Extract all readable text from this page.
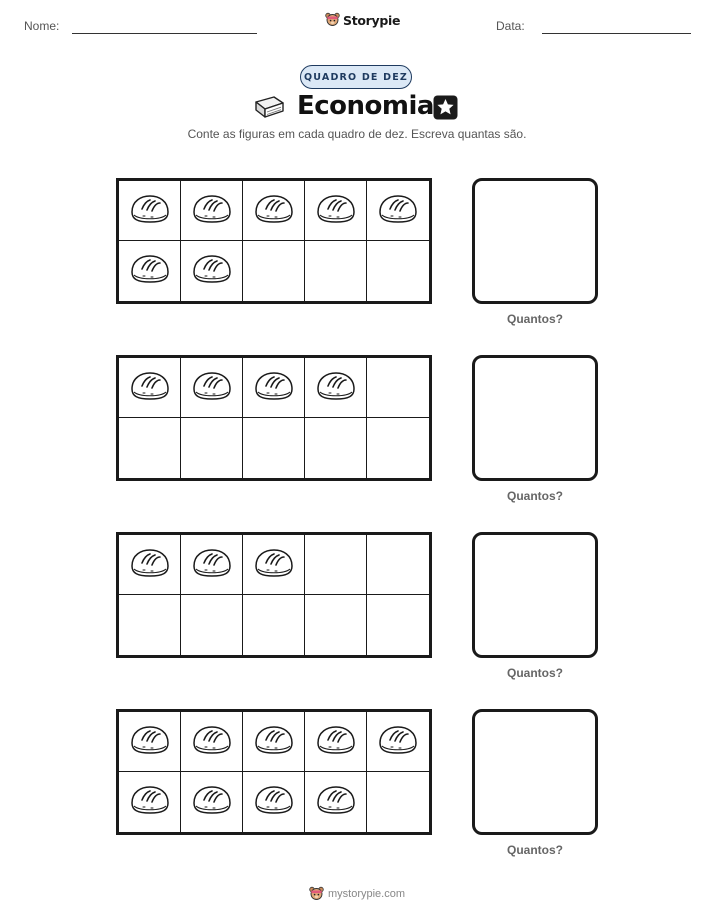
Nome:	Storypie	Data:
QUADRO DE DEZ
Economia
Conte as figuras em cada quadro de dez. Escreva quantas são.
Quantos?
Quantos?
Quantos?
Quantos?
mystorypie.com
